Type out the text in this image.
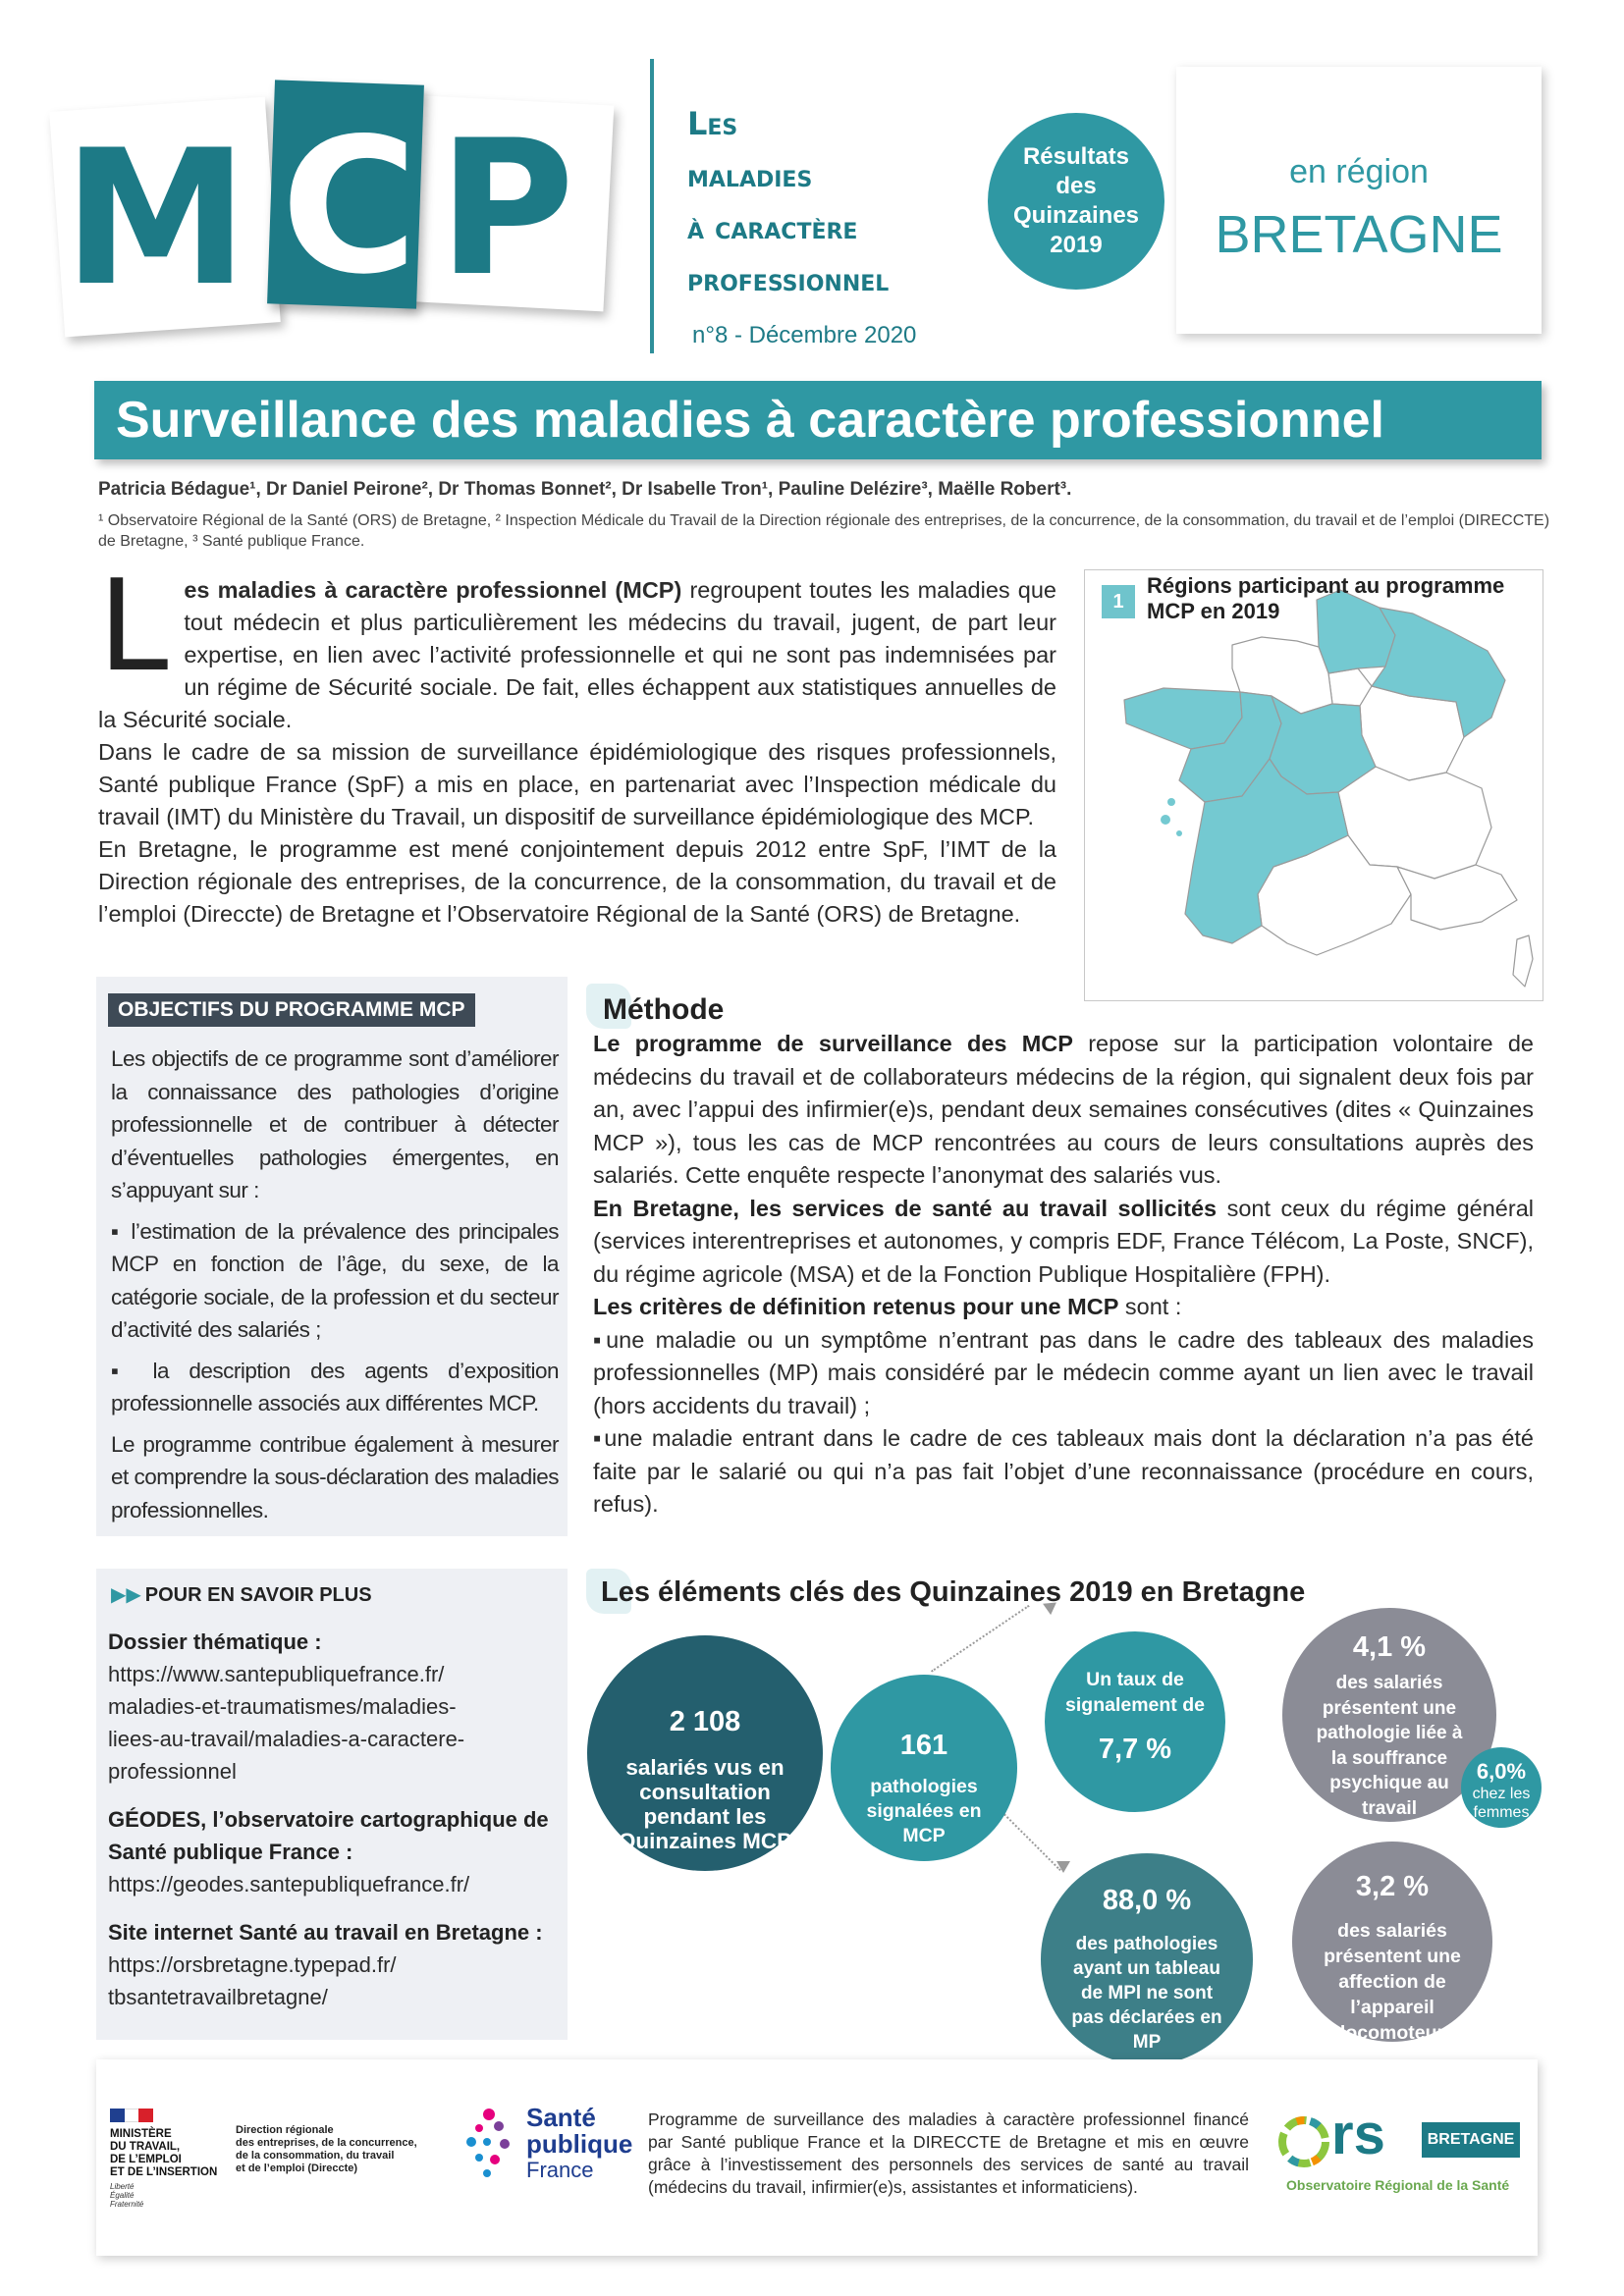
M C P	Les
maladies
à caractère
professionnel
n°8 - Décembre 2020
Résultats
des
Quinzaines
2019
en région
BRETAGNE
Surveillance des maladies à caractère professionnel
Patricia Bédague¹, Dr Daniel Peirone², Dr Thomas Bonnet², Dr Isabelle Tron¹, Pauline Delézire³, Maëlle Robert³.
¹ Observatoire Régional de la Santé (ORS) de Bretagne, ² Inspection Médicale du Travail de la Direction régionale des entreprises, de la concurrence, de la consommation, du travail et de l’emploi (DIRECCTE) de Bretagne, ³ Santé publique France.
L es maladies à caractère professionnel (MCP) regroupent toutes les maladies que tout médecin et plus particulièrement les médecins du travail, jugent, de part leur expertise, en lien avec l’activité professionnelle et qui ne sont pas indemnisées par un régime de Sécurité sociale. De fait, elles échappent aux statistiques annuelles de la Sécurité sociale.

Dans le cadre de sa mission de surveillance épidémiologique des risques professionnels, Santé publique France (SpF) a mis en place, en partenariat avec l’Inspection médicale du travail (IMT) du Ministère du Travail, un dispositif de surveillance épidémiologique des MCP.

En Bretagne, le programme est mené conjointement depuis 2012 entre SpF, l’IMT de la Direction régionale des entreprises, de la concurrence, de la consommation, du travail et de l’emploi (Direccte) de Bretagne et l’Observatoire Régional de la Santé (ORS) de Bretagne.

1
Régions participant au programme MCP en 2019
OBJECTIFS DU PROGRAMME MCP

Les objectifs de ce programme sont d’améliorer la connaissance des pathologies d’origine professionnelle et de contribuer à détecter d’éventuelles pathologies émergentes, en s’appuyant sur :

▪ l’estimation de la prévalence des principales MCP en fonction de l’âge, du sexe, de la catégorie sociale, de la profession et du secteur d’activité des salariés ;

▪ la description des agents d’exposition professionnelle associés aux différentes MCP.

Le programme contribue également à mesurer et comprendre la sous-déclaration des maladies professionnelles.

Méthode

Le programme de surveillance des MCP repose sur la participation volontaire de médecins du travail et de collaborateurs médecins de la région, qui signalent deux fois par an, avec l’appui des infirmier(e)s, pendant deux semaines consécutives (dites « Quinzaines MCP »), tous les cas de MCP rencontrées au cours de leurs consultations auprès des salariés. Cette enquête respecte l’anonymat des salariés vus.

En Bretagne, les services de santé au travail sollicités sont ceux du régime général (services interentreprises et autonomes, y compris EDF, France Télécom, La Poste, SNCF), du régime agricole (MSA) et de la Fonction Publique Hospitalière (FPH).

Les critères de définition retenus pour une MCP sont :

▪une maladie ou un symptôme n’entrant pas dans le cadre des tableaux des maladies professionnelles (MP) mais considéré par le médecin comme ayant un lien avec le travail (hors accidents du travail) ;

▪une maladie entrant dans le cadre de ces tableaux mais dont la déclaration n’a pas été faite par le salarié ou qui n’a pas fait l’objet d’une reconnaissance (procédure en cours, refus).

▶▶ POUR EN SAVOIR PLUS

Dossier thématique :
https://www.santepubliquefrance.fr/
maladies-et-traumatismes/maladies-
liees-au-travail/maladies-a-caractere-
professionnel

GÉODES, l’observatoire cartographique de Santé publique France :
https://geodes.santepubliquefrance.fr/

Site internet Santé au travail en Bretagne :
https://orsbretagne.typepad.fr/
tbsantetravailbretagne/

Les éléments clés des Quinzaines 2019 en Bretagne
2 108
salariés vus en consultation pendant les Quinzaines MCP
161
pathologies signalées en MCP
Un taux de signalement de
7,7 %
88,0 %
des pathologies ayant un tableau de MPl ne sont pas déclarées en MP
4,1 %
des salariés présentent une pathologie liée à la souffrance psychique au travail
6,0%
chez les femmes
3,2 %
des salariés présentent une affection de l’appareil locomoteur
MINISTÈRE
DU TRAVAIL,
DE L’EMPLOI
ET DE L’INSERTION
Liberté
Égalité
Fraternité
Direction régionale
des entreprises, de la concurrence,
de la consommation, du travail
et de l’emploi (Direccte)
Santé
publique
France
Programme de surveillance des maladies à caractère professionnel financé par Santé publique France et la DIRECCTE de Bretagne et mis en œuvre grâce à l’investissement des personnels des services de santé au travail (médecins du travail, infirmier(e)s, assistantes et informaticiens).
rs	BRETAGNE
Observatoire Régional de la Santé
